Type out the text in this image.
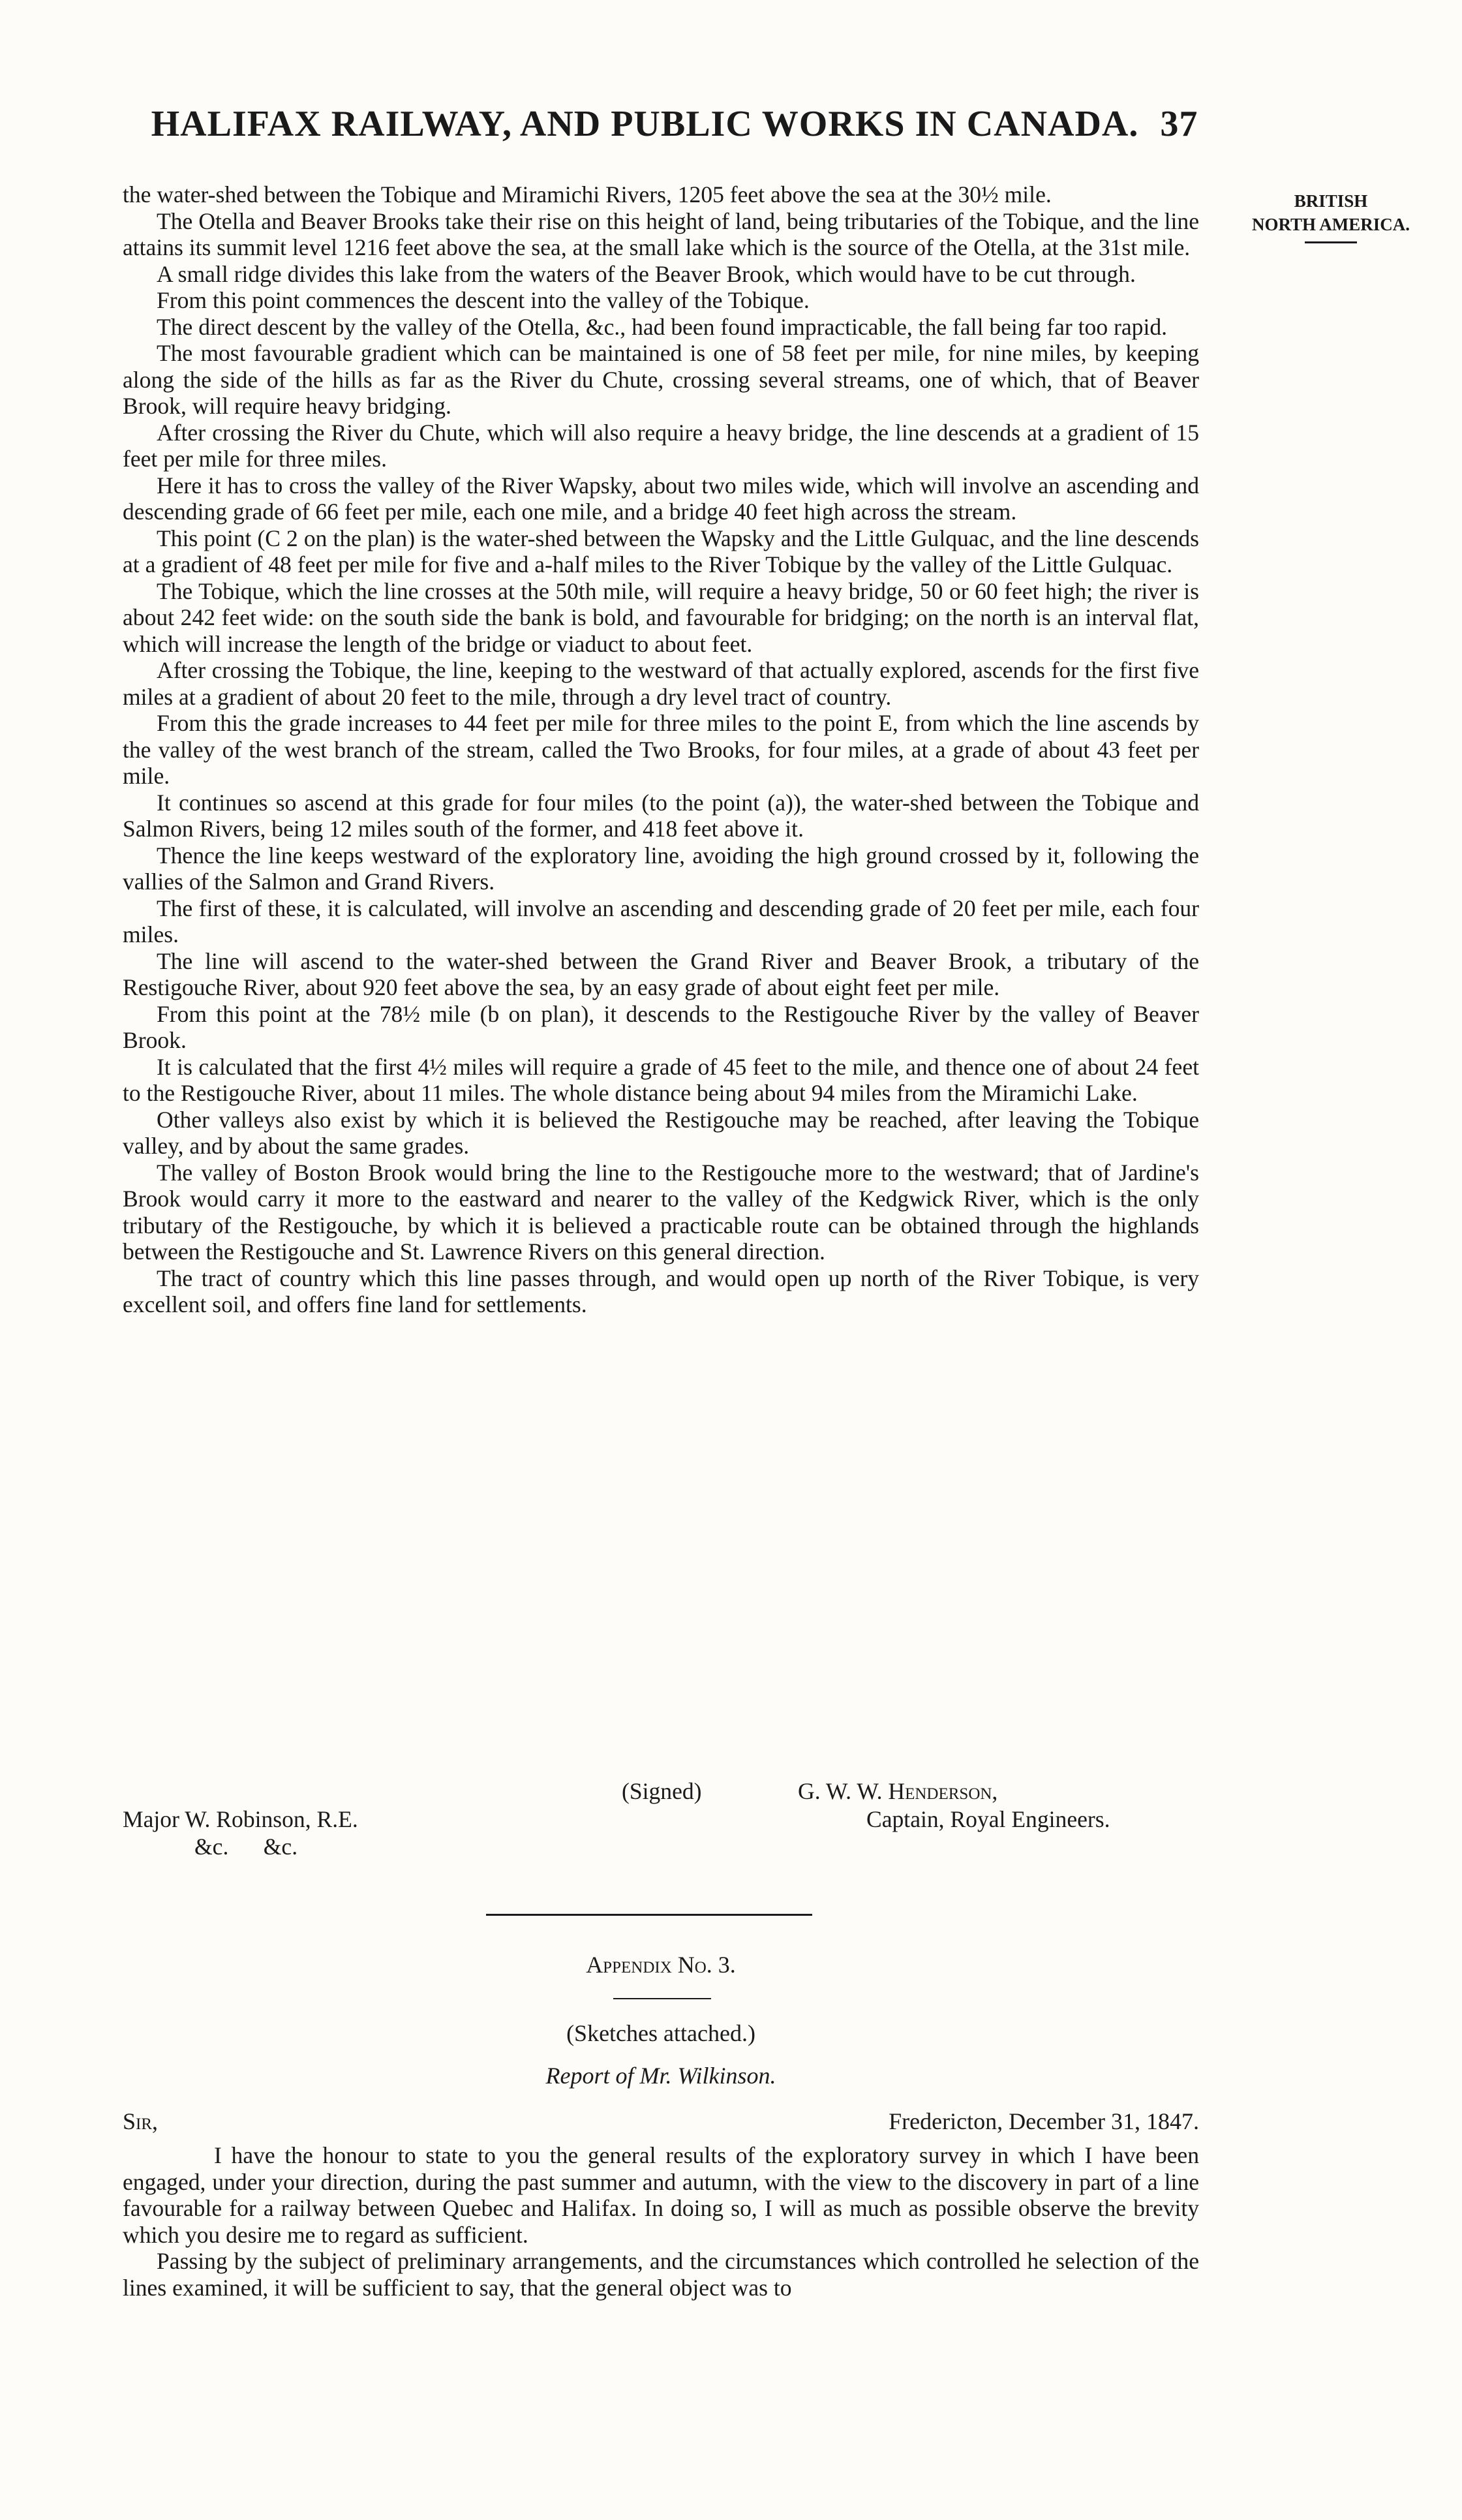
HALIFAX RAILWAY, AND PUBLIC WORKS IN CANADA. 37
BRITISH
NORTH AMERICA.

the water-shed between the Tobique and Miramichi Rivers, 1205 feet above the sea at the 30½ mile.

The Otella and Beaver Brooks take their rise on this height of land, being tributaries of the Tobique, and the line attains its summit level 1216 feet above the sea, at the small lake which is the source of the Otella, at the 31st mile.

A small ridge divides this lake from the waters of the Beaver Brook, which would have to be cut through.

From this point commences the descent into the valley of the Tobique.

The direct descent by the valley of the Otella, &c., had been found impracticable, the fall being far too rapid.

The most favourable gradient which can be maintained is one of 58 feet per mile, for nine miles, by keeping along the side of the hills as far as the River du Chute, crossing several streams, one of which, that of Beaver Brook, will require heavy bridging.

After crossing the River du Chute, which will also require a heavy bridge, the line descends at a gradient of 15 feet per mile for three miles.

Here it has to cross the valley of the River Wapsky, about two miles wide, which will involve an ascending and descending grade of 66 feet per mile, each one mile, and a bridge 40 feet high across the stream.

This point (C 2 on the plan) is the water-shed between the Wapsky and the Little Gulquac, and the line descends at a gradient of 48 feet per mile for five and a-half miles to the River Tobique by the valley of the Little Gulquac.

The Tobique, which the line crosses at the 50th mile, will require a heavy bridge, 50 or 60 feet high; the river is about 242 feet wide: on the south side the bank is bold, and favourable for bridging; on the north is an interval flat, which will increase the length of the bridge or viaduct to about feet.

After crossing the Tobique, the line, keeping to the westward of that actually explored, ascends for the first five miles at a gradient of about 20 feet to the mile, through a dry level tract of country.

From this the grade increases to 44 feet per mile for three miles to the point E, from which the line ascends by the valley of the west branch of the stream, called the Two Brooks, for four miles, at a grade of about 43 feet per mile.

It continues so ascend at this grade for four miles (to the point (a)), the water-shed between the Tobique and Salmon Rivers, being 12 miles south of the former, and 418 feet above it.

Thence the line keeps westward of the exploratory line, avoiding the high ground crossed by it, following the vallies of the Salmon and Grand Rivers.

The first of these, it is calculated, will involve an ascending and descending grade of 20 feet per mile, each four miles.

The line will ascend to the water-shed between the Grand River and Beaver Brook, a tributary of the Restigouche River, about 920 feet above the sea, by an easy grade of about eight feet per mile.

From this point at the 78½ mile (b on plan), it descends to the Restigouche River by the valley of Beaver Brook.

It is calculated that the first 4½ miles will require a grade of 45 feet to the mile, and thence one of about 24 feet to the Restigouche River, about 11 miles. The whole distance being about 94 miles from the Miramichi Lake.

Other valleys also exist by which it is believed the Restigouche may be reached, after leaving the Tobique valley, and by about the same grades.

The valley of Boston Brook would bring the line to the Restigouche more to the westward; that of Jardine's Brook would carry it more to the eastward and nearer to the valley of the Kedgwick River, which is the only tributary of the Restigouche, by which it is believed a practicable route can be obtained through the highlands between the Restigouche and St. Lawrence Rivers on this general direction.

The tract of country which this line passes through, and would open up north of the River Tobique, is very excellent soil, and offers fine land for settlements.

(Signed)	G. W. W. Henderson,
Major W. Robinson, R.E.	Captain, Royal Engineers.
&c.      &c.
Appendix No. 3.
(Sketches attached.)
Report of Mr. Wilkinson.
Sir,	Fredericton, December 31, 1847.

I have the honour to state to you the general results of the exploratory survey in which I have been engaged, under your direction, during the past summer and autumn, with the view to the discovery in part of a line favourable for a railway between Quebec and Halifax. In doing so, I will as much as possible observe the brevity which you desire me to regard as sufficient.

Passing by the subject of preliminary arrangements, and the circumstances which controlled he selection of the lines examined, it will be sufficient to say, that the general object was to
